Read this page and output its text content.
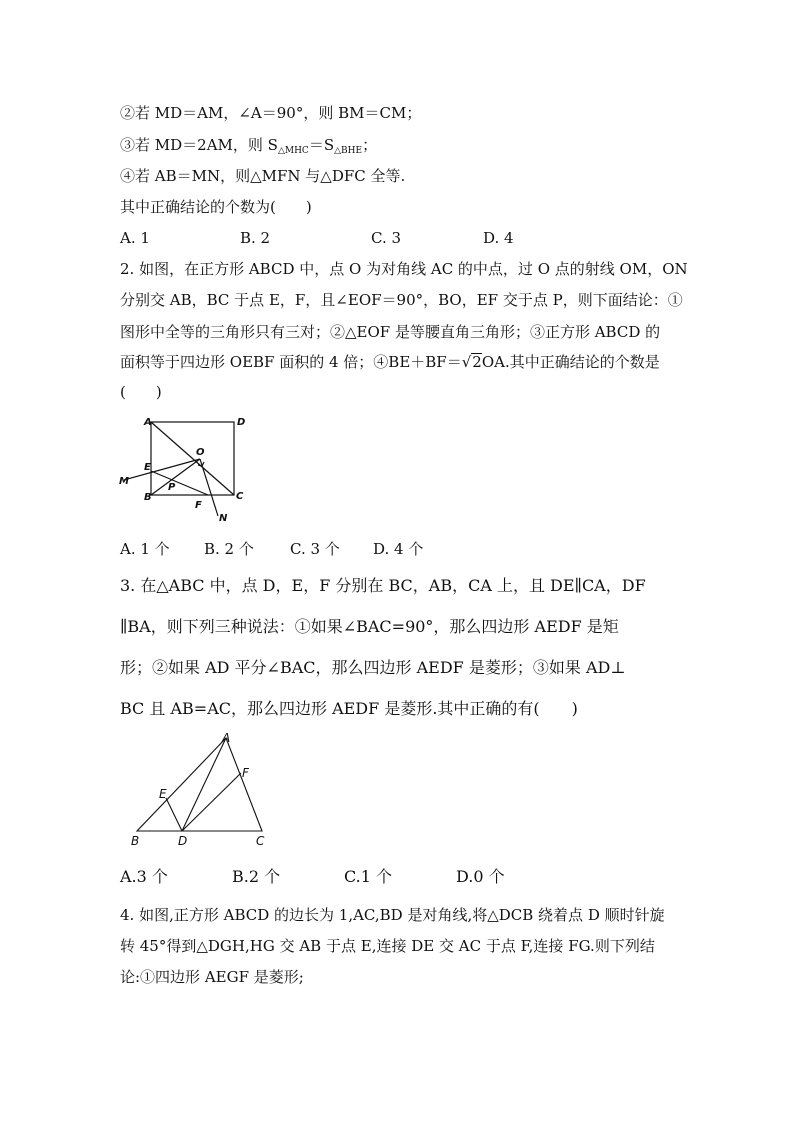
②若 MD＝AM，∠A＝90°，则 BM＝CM；
③若 MD＝2AM，则 $S_{\triangle MHC}=S_{\triangle BHE}$；
④若 AB＝MN，则△MFN 与△DFC 全等.
其中正确结论的个数为(　　)
A. 1	B. 2	C. 3	D. 4
2. 如图，在正方形 ABCD 中，点 O 为对角线 AC 的中点，过 O 点的射线 OM，ON
分别交 AB，BC 于点 E，F，且∠EOF＝90°，BO，EF 交于点 P，则下面结论：①
图形中全等的三角形只有三对；②△EOF 是等腰直角三角形；③正方形 ABCD 的
面积等于四边形 OEBF 面积的 4 倍；④BE＋BF＝√2OA.其中正确结论的个数是
(　　)
A	D
O
E
M
P
B
F
C
N
A. 1 个 B. 2 个 C. 3 个 D. 4 个
3. 在△ABC 中，点 D，E，F 分别在 BC，AB，CA 上，且 DE∥CA，DF
∥BA，则下列三种说法：①如果∠BAC=90°，那么四边形 AEDF 是矩
形；②如果 AD 平分∠BAC，那么四边形 AEDF 是菱形；③如果 AD⊥
BC 且 AB=AC，那么四边形 AEDF 是菱形.其中正确的有(　　)
A
F
E
B	D	C
A.3 个	B.2 个	C.1 个	D.0 个
4. 如图,正方形 ABCD 的边长为 1,AC,BD 是对角线,将△DCB 绕着点 D 顺时针旋
转 45°得到△DGH,HG 交 AB 于点 E,连接 DE 交 AC 于点 F,连接 FG.则下列结
论:①四边形 AEGF 是菱形;
